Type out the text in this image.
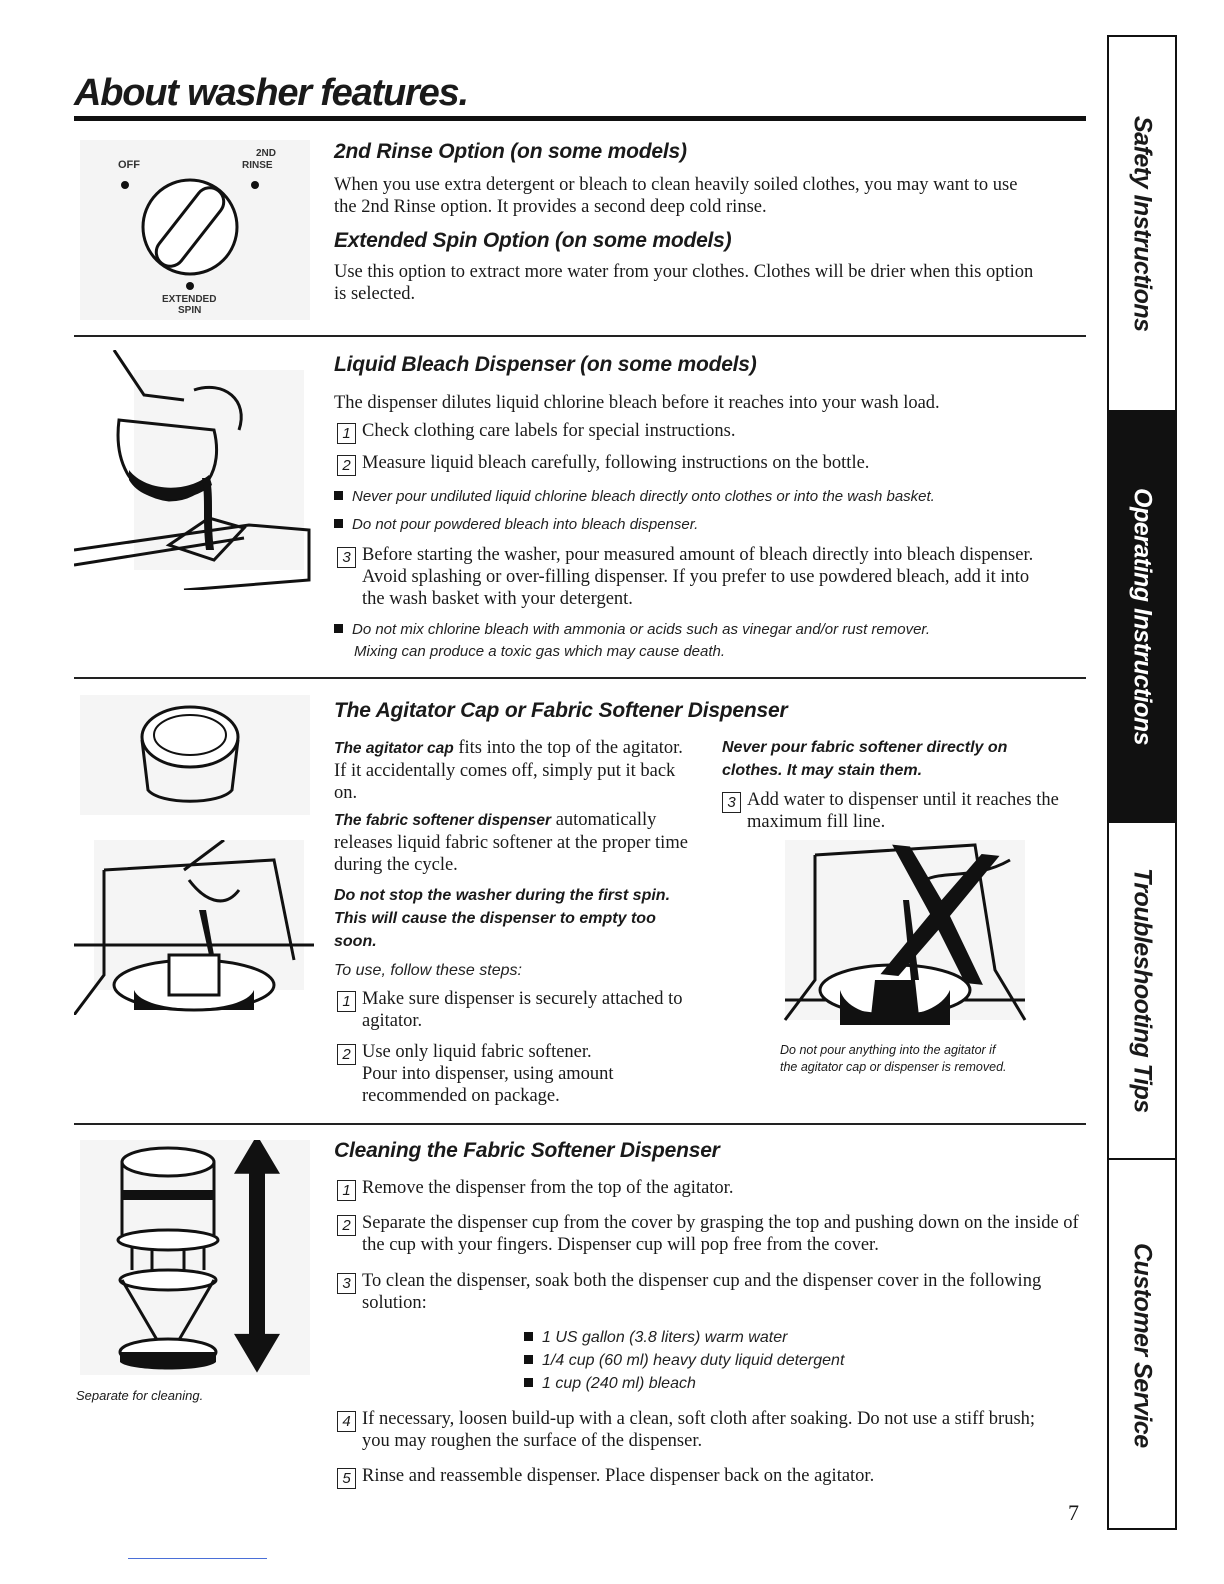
About washer features.
OFF
2ND
RINSE
EXTENDED
SPIN
2nd Rinse Option (on some models)

When you use extra detergent or bleach to clean heavily soiled clothes, you may want to use the 2nd Rinse option. It provides a second deep cold rinse.

Extended Spin Option (on some models)

Use this option to extract more water from your clothes. Clothes will be drier when this option is selected.

Liquid Bleach Dispenser (on some models)

The dispenser dilutes liquid chlorine bleach before it reaches into your wash load.

1 Check clothing care labels for special instructions.

2 Measure liquid bleach carefully, following instructions on the bottle.

Never pour undiluted liquid chlorine bleach directly onto clothes or into the wash basket.

Do not pour powdered bleach into bleach dispenser.

3 Before starting the washer, pour measured amount of bleach directly into bleach dispenser. Avoid splashing or over-filling dispenser. If you prefer to use powdered bleach, add it into the wash basket with your detergent.

Do not mix chlorine bleach with ammonia or acids such as vinegar and/or rust remover.

Mixing can produce a toxic gas which may cause death.

The Agitator Cap or Fabric Softener Dispenser

The agitator cap fits into the top of the agitator. If it accidentally comes off, simply put it back on.

The fabric softener dispenser automatically releases liquid fabric softener at the proper time during the cycle.

Do not stop the washer during the first spin.

This will cause the dispenser to empty too

soon.

To use, follow these steps:

1 Make sure dispenser is securely attached to agitator.

2 Use only liquid fabric softener.

Pour into dispenser, using amount recommended on package.

Never pour fabric softener directly on

clothes. It may stain them.

3 Add water to dispenser until it reaches the maximum fill line.

Do not pour anything into the agitator if

the agitator cap or dispenser is removed.

Separate for cleaning.

Cleaning the Fabric Softener Dispenser
1 Remove the dispenser from the top of the agitator.

2 Separate the dispenser cup from the cover by grasping the top and pushing down on the inside of the cup with your fingers. Dispenser cup will pop free from the cover.

3 To clean the dispenser, soak both the dispenser cup and the dispenser cover in the following solution:

1 US gallon (3.8 liters) warm water

1/4 cup (60 ml) heavy duty liquid detergent

1 cup (240 ml) bleach

4 If necessary, loosen build-up with a clean, soft cloth after soaking. Do not use a stiff brush; you may roughen the surface of the dispenser.

5 Rinse and reassemble dispenser. Place dispenser back on the agitator.

Safety Instructions
Operating Instructions
Troubleshooting Tips
Customer Service
7
